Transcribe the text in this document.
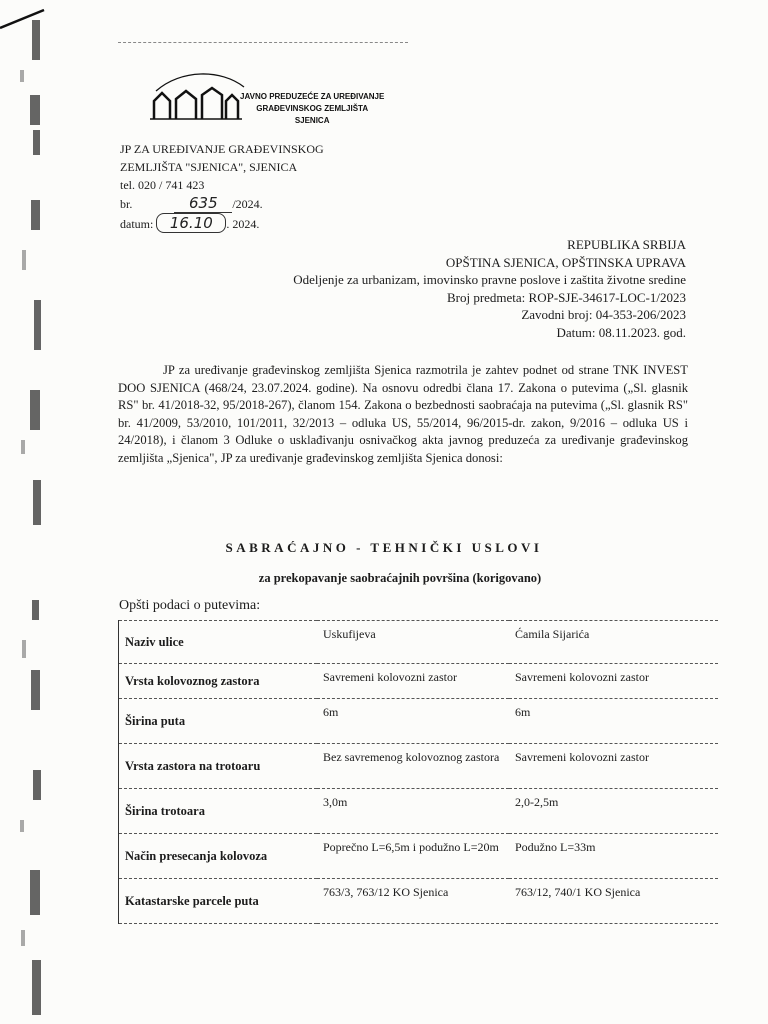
JAVNO PREDUZEĆE ZA UREĐIVANJE
GRAĐEVINSKOG ZEMLJIŠTA
SJENICA
JP ZA UREĐIVANJE GRAĐEVINSKOG
ZEMLJIŠTA "SJENICA", SJENICA
tel. 020 / 741 423
br.	635 /2024.
datum: 16.10 . 2024.
REPUBLIKA SRBIJA
OPŠTINA SJENICA, OPŠTINSKA UPRAVA
Odeljenje za urbanizam, imovinsko pravne poslove i zaštita životne sredine
Broj predmeta: ROP-SJE-34617-LOC-1/2023
Zavodni broj: 04-353-206/2023
Datum: 08.11.2023. god.

JP za uređivanje građevinskog zemljišta Sjenica razmotrila je zahtev podnet od strane TNK INVEST DOO SJENICA (468/24, 23.07.2024. godine). Na osnovu odredbi člana 17. Zakona o putevima („Sl. glasnik RS" br. 41/2018-32, 95/2018-267), članom 154. Zakona o bezbednosti saobraćaja na putevima („Sl. glasnik RS" br. 41/2009, 53/2010, 101/2011, 32/2013 – odluka US, 55/2014, 96/2015-dr. zakon, 9/2016 – odluka US i 24/2018), i članom 3 Odluke o usklađivanju osnivačkog akta javnog preduzeća za uređivanje građevinskog zemljišta „Sjenica", JP za uređivanje građevinskog zemljišta Sjenica donosi:

SABRAĆAJNO - TEHNIČKI USLOVI
za prekopavanje saobraćajnih površina (korigovano)
Opšti podaci o putevima:
Naziv ulice	Uskufijeva	Ćamila Sijarića
Vrsta kolovoznog zastora	Savremeni kolovozni zastor	Savremeni kolovozni zastor
Širina puta	6m	6m
Vrsta zastora na trotoaru	Bez savremenog kolovoznog zastora	Savremeni kolovozni zastor
Širina trotoara	3,0m	2,0-2,5m
Način presecanja kolovoza	Poprečno L=6,5m i podužno L=20m	Podužno L=33m
Katastarske parcele puta	763/3, 763/12 KO Sjenica	763/12, 740/1 KO Sjenica
